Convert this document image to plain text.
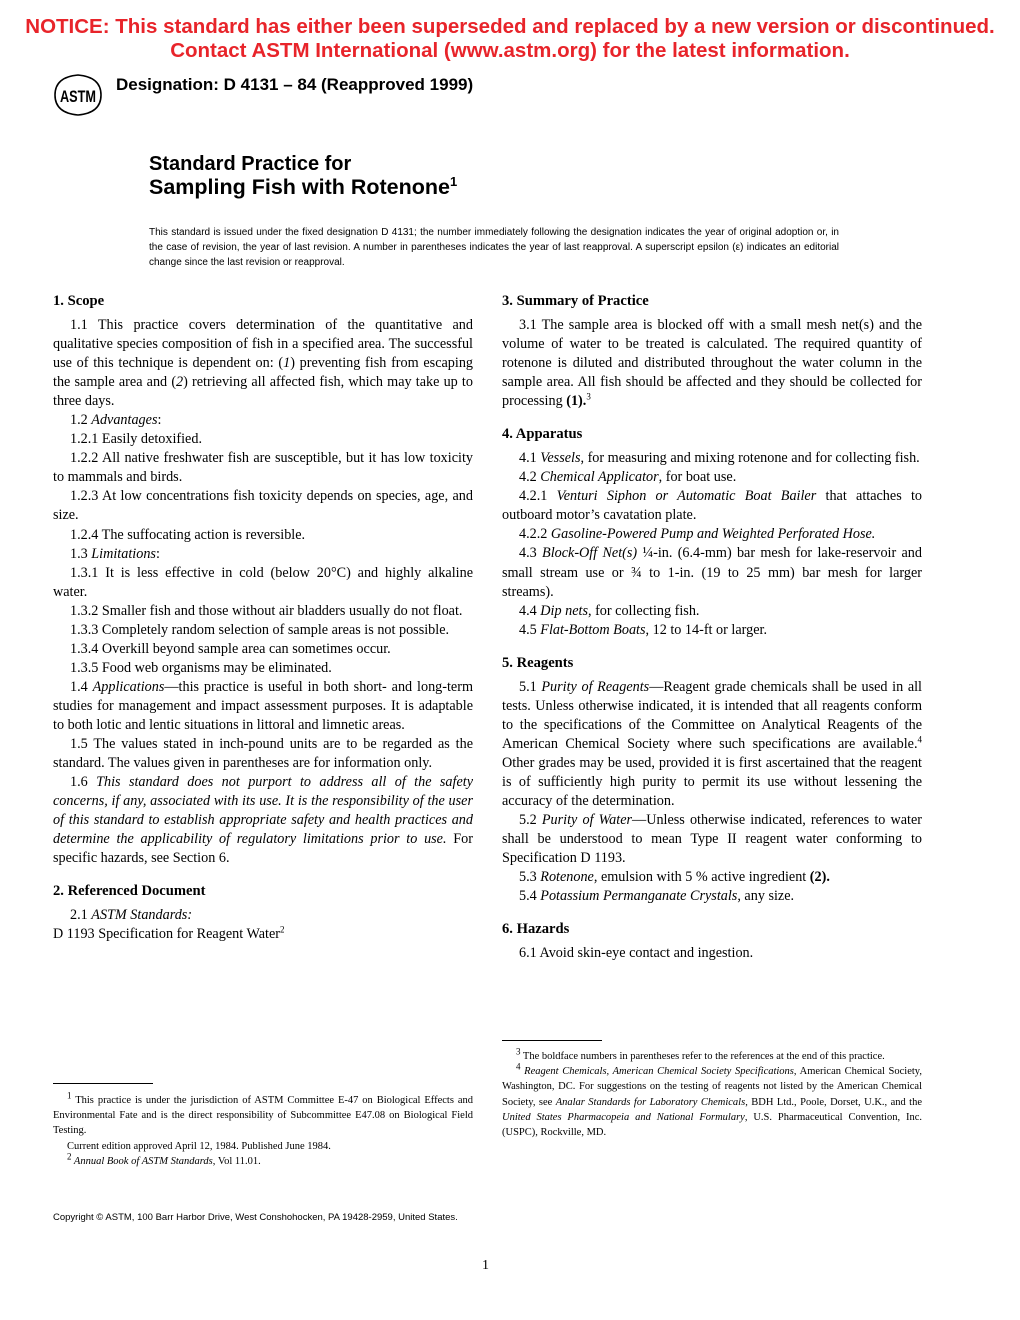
NOTICE: This standard has either been superseded and replaced by a new version or discontinued.
Contact ASTM International (www.astm.org) for the latest information.
ASTM
Designation: D 4131 – 84 (Reapproved 1999)
Standard Practice for
Sampling Fish with Rotenone$^1$
This standard is issued under the fixed designation D 4131; the number immediately following the designation indicates the year of original adoption or, in the case of revision, the year of last revision. A number in parentheses indicates the year of last reapproval. A superscript epsilon (ε) indicates an editorial change since the last revision or reapproval.
1. Scope

1.1 This practice covers determination of the quantitative and qualitative species composition of fish in a specified area. The successful use of this technique is dependent on: (1) preventing fish from escaping the sample area and (2) retrieving all affected fish, which may take up to three days.

1.2 Advantages:

1.2.1 Easily detoxified.

1.2.2 All native freshwater fish are susceptible, but it has low toxicity to mammals and birds.

1.2.3 At low concentrations fish toxicity depends on species, age, and size.

1.2.4 The suffocating action is reversible.

1.3 Limitations:

1.3.1 It is less effective in cold (below 20°C) and highly alkaline water.

1.3.2 Smaller fish and those without air bladders usually do not float.

1.3.3 Completely random selection of sample areas is not possible.

1.3.4 Overkill beyond sample area can sometimes occur.

1.3.5 Food web organisms may be eliminated.

1.4 Applications—this practice is useful in both short- and long-term studies for management and impact assessment purposes. It is adaptable to both lotic and lentic situations in littoral and limnetic areas.

1.5 The values stated in inch-pound units are to be regarded as the standard. The values given in parentheses are for information only.

1.6 This standard does not purport to address all of the safety concerns, if any, associated with its use. It is the responsibility of the user of this standard to establish appropriate safety and health practices and determine the applicability of regulatory limitations prior to use. For specific hazards, see Section 6.

2. Referenced Document

2.1 ASTM Standards:

D 1193 Specification for Reagent Water$^2$

3. Summary of Practice

3.1 The sample area is blocked off with a small mesh net(s) and the volume of water to be treated is calculated. The required quantity of rotenone is diluted and distributed throughout the water column in the sample area. All fish should be affected and they should be collected for processing (1).$^3$

4. Apparatus

4.1 Vessels, for measuring and mixing rotenone and for collecting fish.

4.2 Chemical Applicator, for boat use.

4.2.1 Venturi Siphon or Automatic Boat Bailer that attaches to outboard motor’s cavatation plate.

4.2.2 Gasoline-Powered Pump and Weighted Perforated Hose.

4.3 Block-Off Net(s) ¼-in. (6.4-mm) bar mesh for lake-reservoir and small stream use or ¾ to 1-in. (19 to 25 mm) bar mesh for larger streams).

4.4 Dip nets, for collecting fish.

4.5 Flat-Bottom Boats, 12 to 14-ft or larger.

5. Reagents

5.1 Purity of Reagents—Reagent grade chemicals shall be used in all tests. Unless otherwise indicated, it is intended that all reagents conform to the specifications of the Committee on Analytical Reagents of the American Chemical Society where such specifications are available.$^4$ Other grades may be used, provided it is first ascertained that the reagent is of sufficiently high purity to permit its use without lessening the accuracy of the determination.

5.2 Purity of Water—Unless otherwise indicated, references to water shall be understood to mean Type II reagent water conforming to Specification D 1193.

5.3 Rotenone, emulsion with 5 % active ingredient (2).

5.4 Potassium Permanganate Crystals, any size.

6. Hazards

6.1 Avoid skin-eye contact and ingestion.

$^1$ This practice is under the jurisdiction of ASTM Committee E-47 on Biological Effects and Environmental Fate and is the direct responsibility of Subcommittee E47.08 on Biological Field Testing.

Current edition approved April 12, 1984. Published June 1984.

$^2$ Annual Book of ASTM Standards, Vol 11.01.

$^3$ The boldface numbers in parentheses refer to the references at the end of this practice.

$^4$ Reagent Chemicals, American Chemical Society Specifications, American Chemical Society, Washington, DC. For suggestions on the testing of reagents not listed by the American Chemical Society, see Analar Standards for Laboratory Chemicals, BDH Ltd., Poole, Dorset, U.K., and the United States Pharmacopeia and National Formulary, U.S. Pharmaceutical Convention, Inc. (USPC), Rockville, MD.

Copyright © ASTM, 100 Barr Harbor Drive, West Conshohocken, PA 19428-2959, United States.
1
